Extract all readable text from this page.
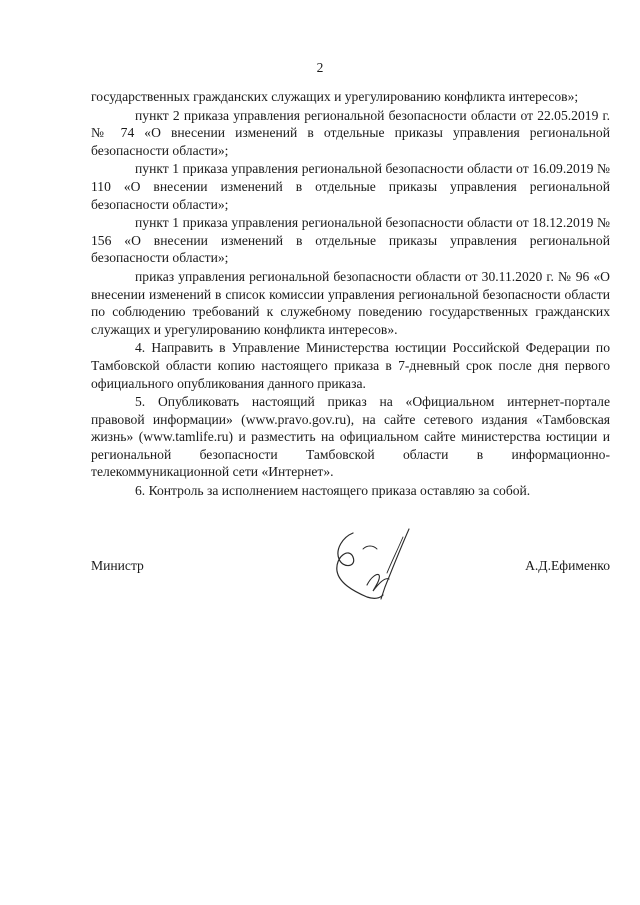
2

государственных гражданских служащих и урегулированию конфликта интересов»;

пункт 2 приказа управления региональной безопасности области от 22.05.2019 г. № 74 «О внесении изменений в отдельные приказы управления региональной безопасности области»;

пункт 1 приказа управления региональной безопасности области от 16.09.2019 № 110 «О внесении изменений в отдельные приказы управления региональной безопасности области»;

пункт 1 приказа управления региональной безопасности области от 18.12.2019 № 156 «О внесении изменений в отдельные приказы управления региональной безопасности области»;

приказ управления региональной безопасности области от 30.11.2020 г. № 96 «О внесении изменений в список комиссии управления региональной безопасности области по соблюдению требований к служебному поведению государственных гражданских служащих и урегулированию конфликта интересов».

4. Направить в Управление Министерства юстиции Российской Федерации по Тамбовской области копию настоящего приказа в 7-дневный срок после дня первого официального опубликования данного приказа.

5. Опубликовать настоящий приказ на «Официальном интернет-портале правовой информации» (www.pravo.gov.ru), на сайте сетевого издания «Тамбовская жизнь» (www.tamlife.ru) и разместить на официальном сайте министерства юстиции и региональной безопасности Тамбовской области в информационно- телекоммуникационной сети «Интернет».

6. Контроль за исполнением настоящего приказа оставляю за собой.

Министр	А.Д.Ефименко
